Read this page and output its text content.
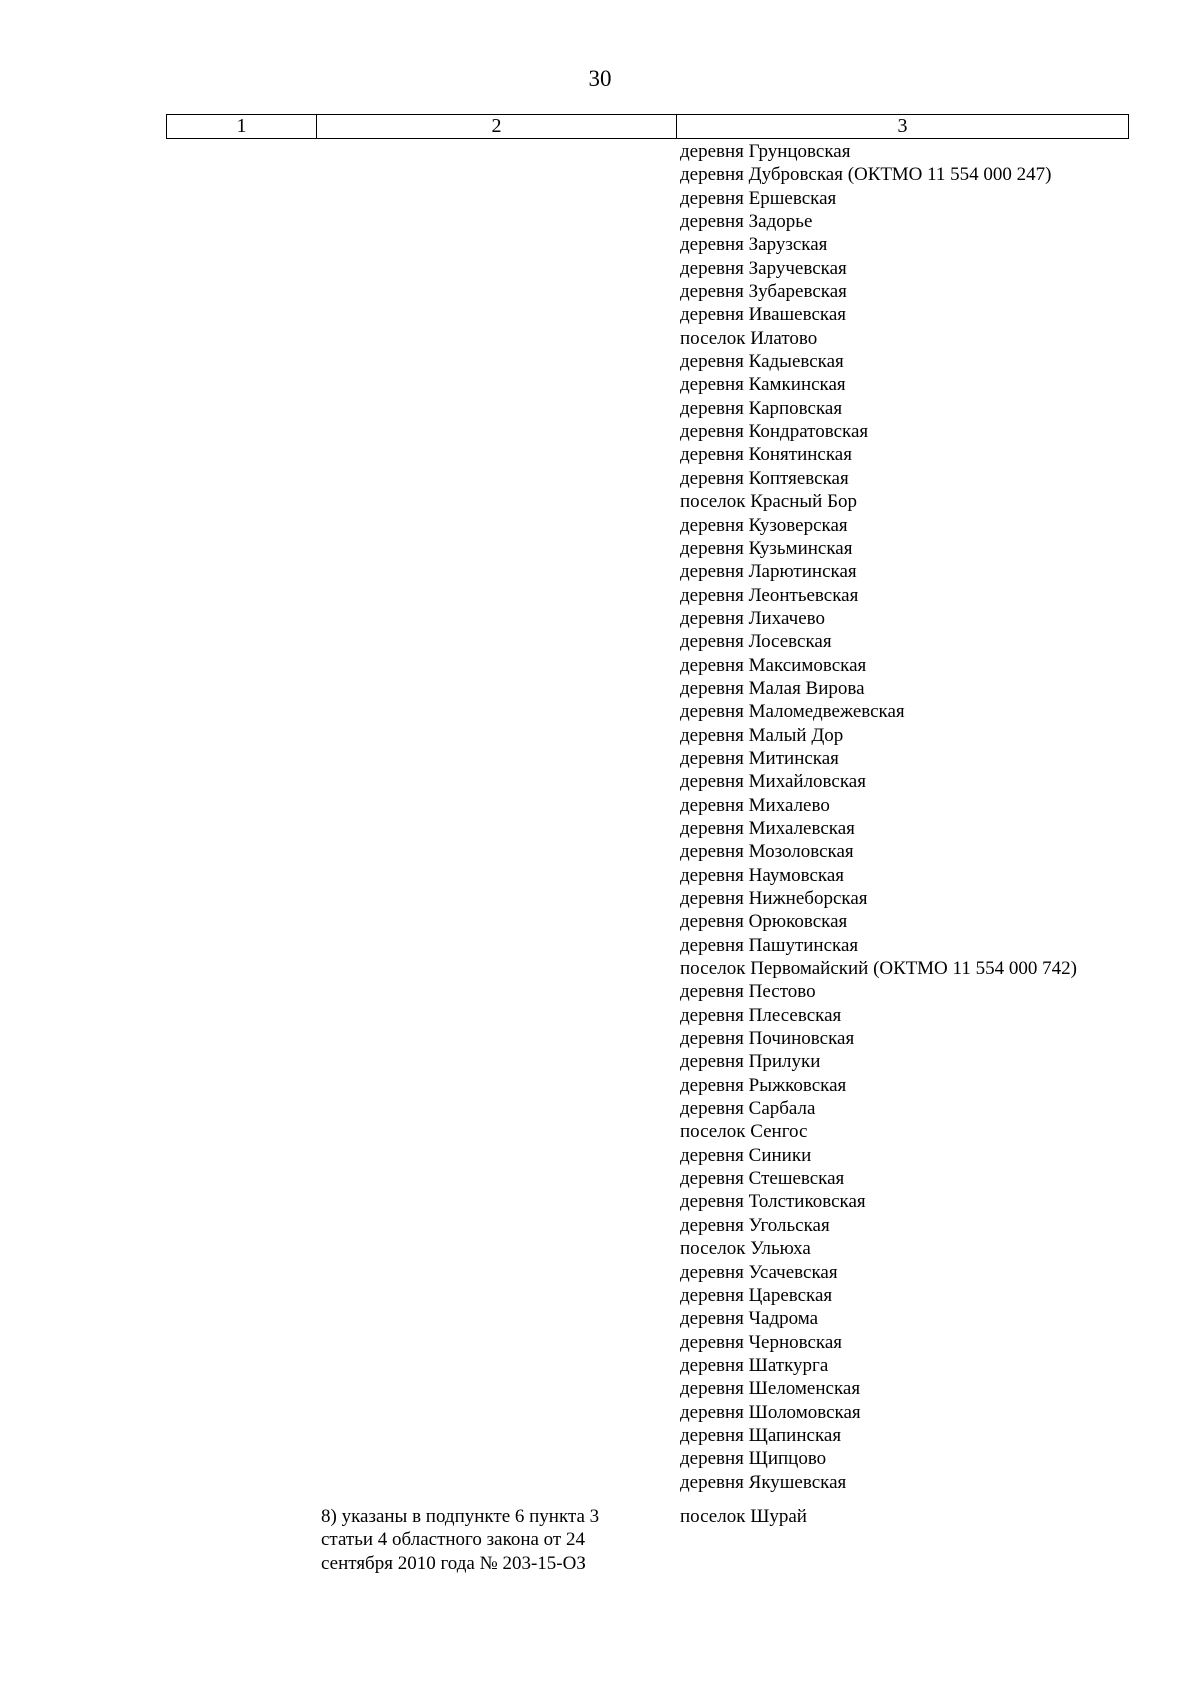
30
1	2	3
деревня Грунцовская
деревня Дубровская (ОКТМО 11 554 000 247)
деревня Ершевская
деревня Задорье
деревня Зарузская
деревня Заручевская
деревня Зубаревская
деревня Ивашевская
поселок Илатово
деревня Кадыевская
деревня Камкинская
деревня Карповская
деревня Кондратовская
деревня Конятинская
деревня Коптяевская
поселок Красный Бор
деревня Кузоверская
деревня Кузьминская
деревня Ларютинская
деревня Леонтьевская
деревня Лихачево
деревня Лосевская
деревня Максимовская
деревня Малая Вирова
деревня Маломедвежевская
деревня Малый Дор
деревня Митинская
деревня Михайловская
деревня Михалево
деревня Михалевская
деревня Мозоловская
деревня Наумовская
деревня Нижнеборская
деревня Орюковская
деревня Пашутинская
поселок Первомайский (ОКТМО 11 554 000 742)
деревня Пестово
деревня Плесевская
деревня Починовская
деревня Прилуки
деревня Рыжковская
деревня Сарбала
поселок Сенгос
деревня Синики
деревня Стешевская
деревня Толстиковская
деревня Угольская
поселок Ульюха
деревня Усачевская
деревня Царевская
деревня Чадрома
деревня Черновская
деревня Шаткурга
деревня Шеломенская
деревня Шоломовская
деревня Щапинская
деревня Щипцово
деревня Якушевская
8) указаны в подпункте 6 пункта 3 статьи 4 областного закона от 24 сентября 2010 года № 203-15-ОЗ
поселок Шурай
